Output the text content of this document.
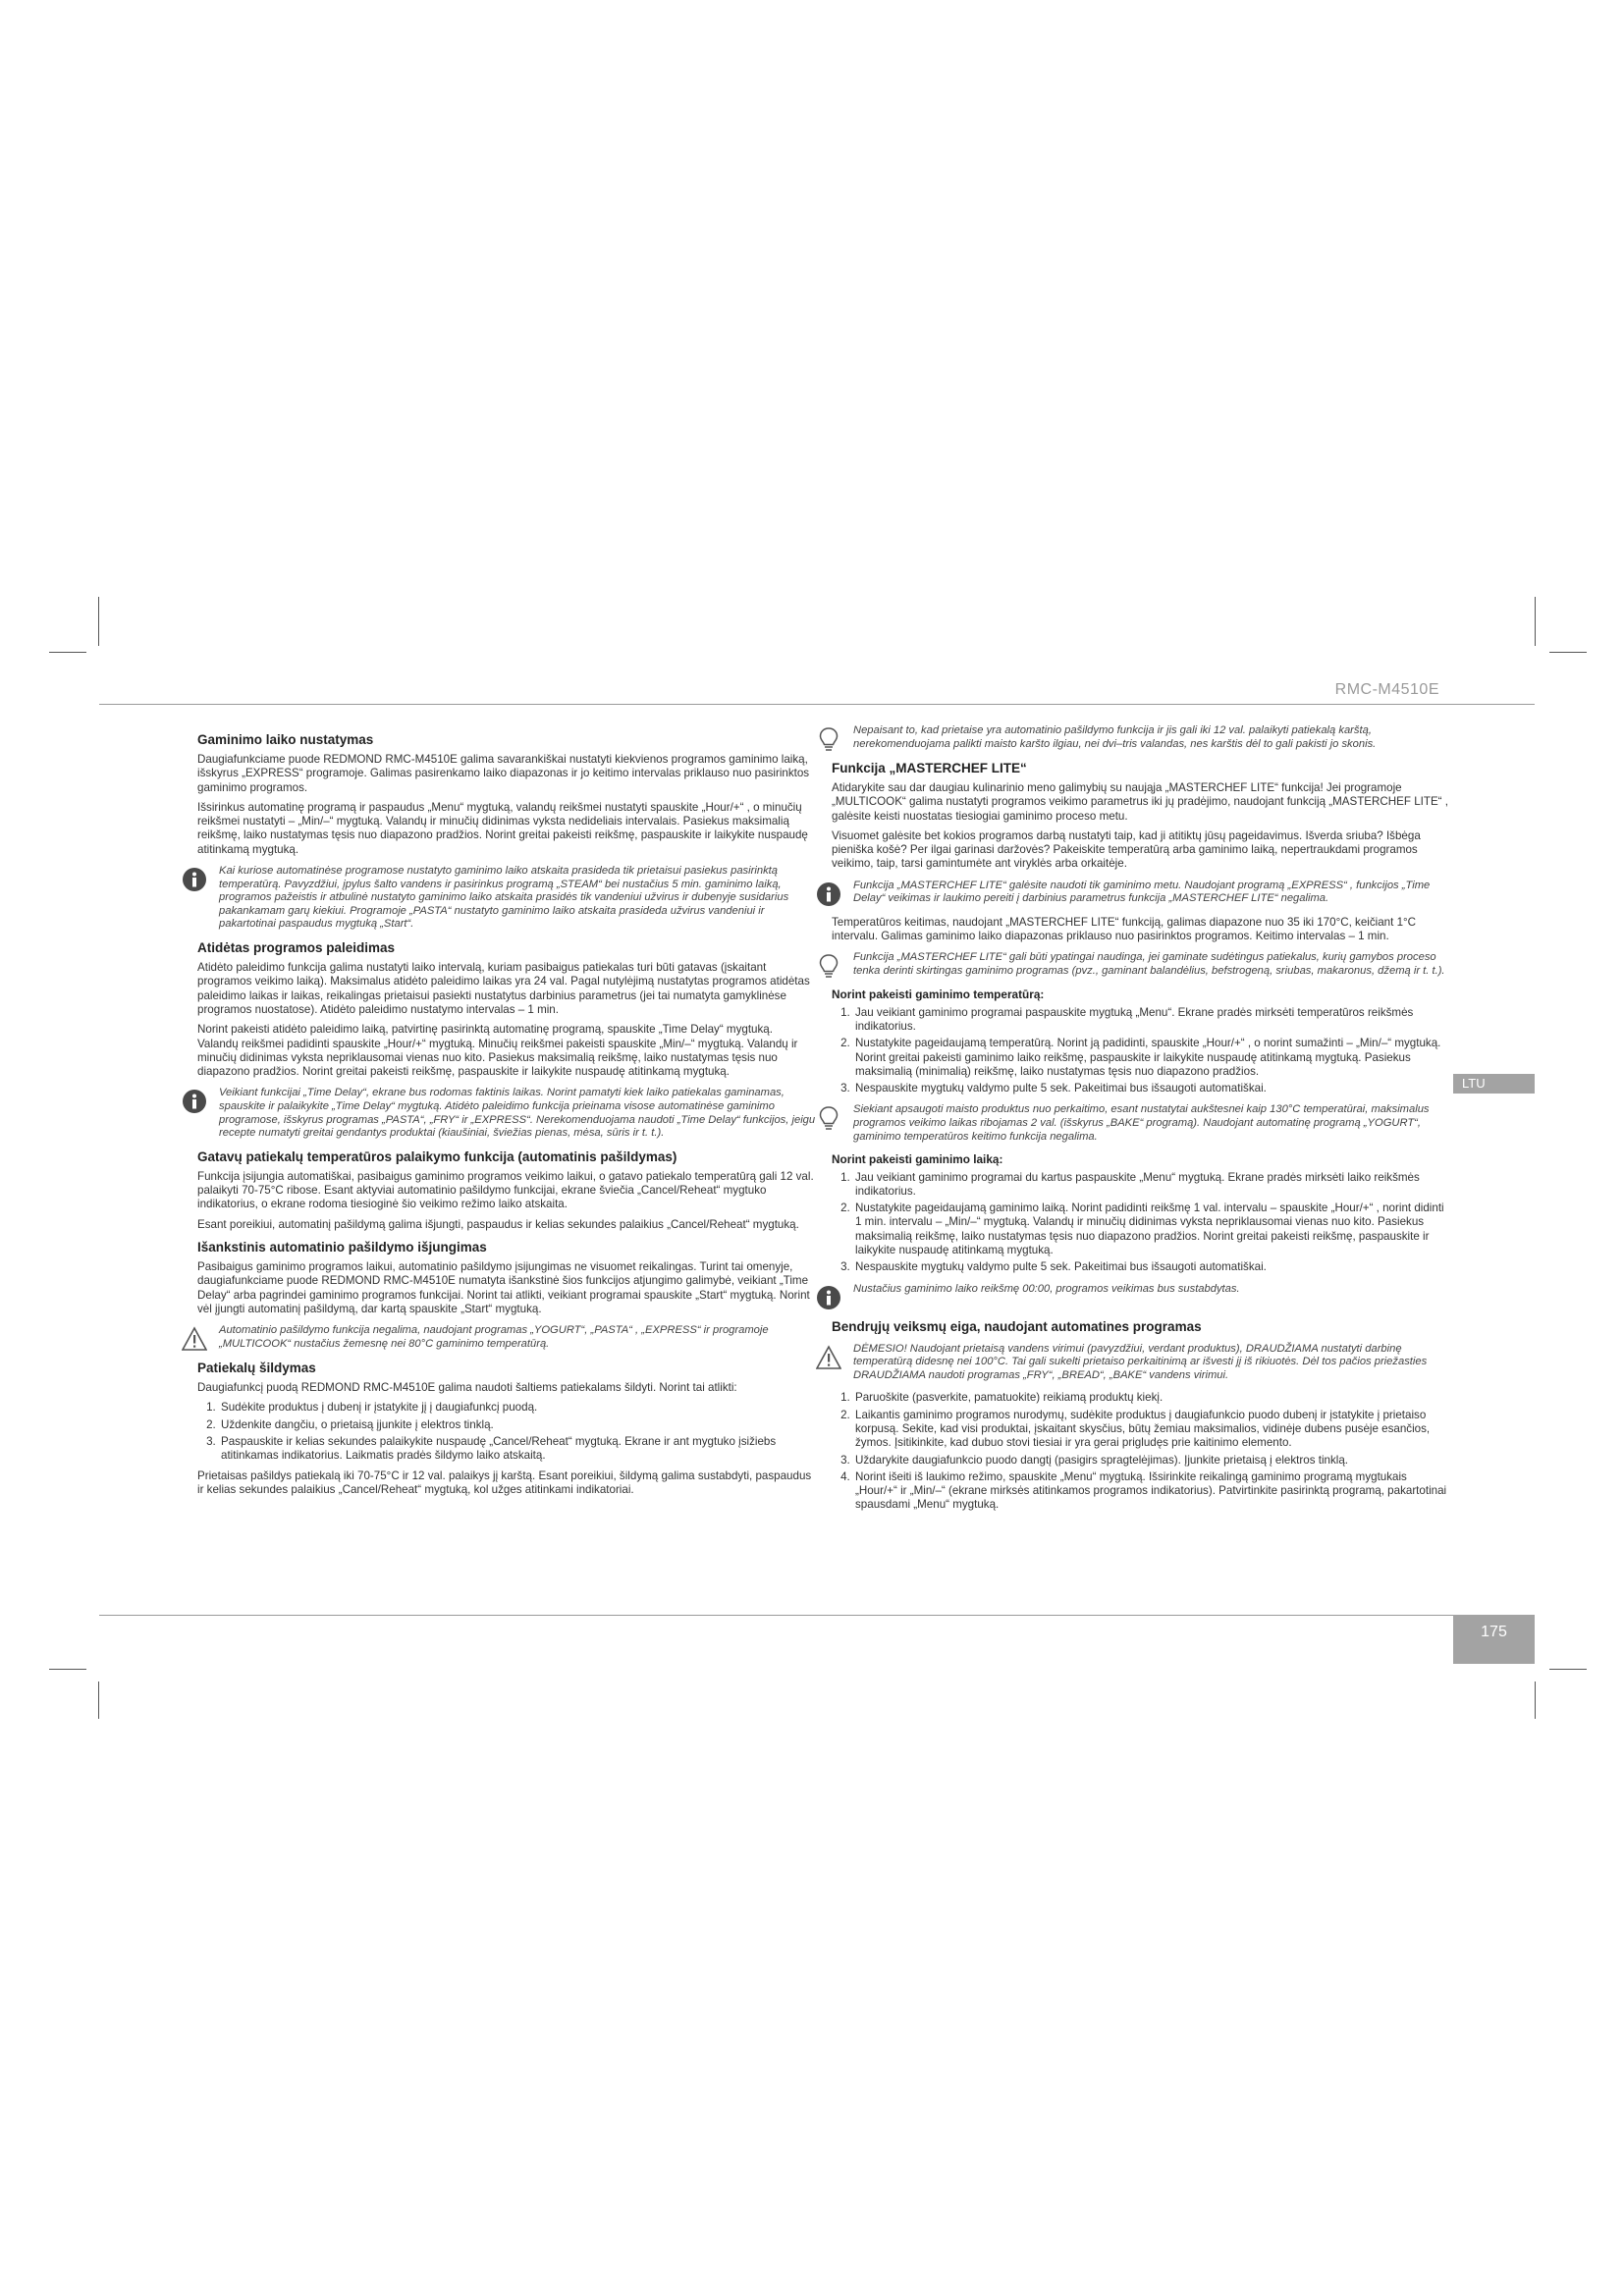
RMC-M4510E
LTU
175
Gaminimo laiko nustatymas

Daugiafunkciame puode REDMOND RMC-M4510E galima savarankiškai nustatyti kiekvienos programos gaminimo laiką, išskyrus „EXPRESS“ programoje. Galimas pasirenkamo laiko diapazonas ir jo keitimo intervalas priklauso nuo pasirinktos gaminimo programos.

Išsirinkus automatinę programą ir paspaudus „Menu“ mygtuką, valandų reikšmei nustatyti spauskite „Hour/+“ , o minučių reikšmei nustatyti – „Min/–“ mygtuką. Valandų ir minučių didinimas vyksta nedideliais intervalais. Pasiekus maksimalią reikšmę, laiko nustatymas tęsis nuo diapazono pradžios. Norint greitai pakeisti reikšmę, paspauskite ir laikykite nuspaudę atitinkamą mygtuką.

Kai kuriose automatinėse programose nustatyto gaminimo laiko atskaita prasideda tik prietaisui pasiekus pasirinktą temperatūrą. Pavyzdžiui, įpylus šalto vandens ir pasirinkus programą „STEAM“ bei nustačius 5 min. gaminimo laiką, programos pažeistis ir atbulinė nustatyto gaminimo laiko atskaita prasidės tik vandeniui užvirus ir dubenyje susidarius pakankamam garų kiekiui. Programoje „PASTA“ nustatyto gaminimo laiko atskaita prasideda užvirus vandeniui ir pakartotinai paspaudus mygtuką „Start“.
Atidėtas programos paleidimas

Atidėto paleidimo funkcija galima nustatyti laiko intervalą, kuriam pasibaigus patiekalas turi būti gatavas (įskaitant programos veikimo laiką). Maksimalus atidėto paleidimo laikas yra 24 val. Pagal nutylėjimą nustatytas programos atidėtas paleidimo laikas ir laikas, reikalingas prietaisui pasiekti nustatytus darbinius parametrus (jei tai numatyta gamyklinėse programos nuostatose). Atidėto paleidimo nustatymo intervalas – 1 min.

Norint pakeisti atidėto paleidimo laiką, patvirtinę pasirinktą automatinę programą, spauskite „Time Delay“ mygtuką. Valandų reikšmei padidinti spauskite „Hour/+“ mygtuką. Minučių reikšmei pakeisti spauskite „Min/–“ mygtuką. Valandų ir minučių didinimas vyksta nepriklausomai vienas nuo kito. Pasiekus maksimalią reikšmę, laiko nustatymas tęsis nuo diapazono pradžios. Norint greitai pakeisti reikšmę, paspauskite ir laikykite nuspaudę atitinkamą mygtuką.

Veikiant funkcijai „Time Delay“, ekrane bus rodomas faktinis laikas. Norint pamatyti kiek laiko patiekalas gaminamas, spauskite ir palaikykite „Time Delay“ mygtuką. Atidėto paleidimo funkcija prieinama visose automatinėse gaminimo programose, išskyrus programas „PASTA“, „FRY“ ir „EXPRESS“. Nerekomenduojama naudoti „Time Delay“ funkcijos, jeigu recepte numatyti greitai gendantys produktai (kiaušiniai, šviežias pienas, mėsa, sūris ir t. t.).
Gatavų patiekalų temperatūros palaikymo funkcija (automatinis pašildymas)

Funkcija įsijungia automatiškai, pasibaigus gaminimo programos veikimo laikui, o gatavo patiekalo temperatūrą gali 12 val. palaikyti 70-75°C ribose. Esant aktyviai automatinio pašildymo funkcijai, ekrane šviečia „Cancel/Reheat“ mygtuko indikatorius, o ekrane rodoma tiesioginė šio veikimo režimo laiko atskaita.

Esant poreikiui, automatinį pašildymą galima išjungti, paspaudus ir kelias sekundes palaikius „Cancel/Reheat“ mygtuką.

Išankstinis automatinio pašildymo išjungimas

Pasibaigus gaminimo programos laikui, automatinio pašildymo įsijungimas ne visuomet reikalingas. Turint tai omenyje, daugiafunkciame puode REDMOND RMC-M4510E numatyta išankstinė šios funkcijos atjungimo galimybė, veikiant „Time Delay“ arba pagrindei gaminimo programos funkcijai. Norint tai atlikti, veikiant programai spauskite „Start“ mygtuką. Norint vėl įjungti automatinį pašildymą, dar kartą spauskite „Start“ mygtuką.

Automatinio pašildymo funkcija negalima, naudojant programas „YOGURT“, „PASTA“ , „EXPRESS“ ir programoje „MULTICOOK“ nustačius žemesnę nei 80°C gaminimo temperatūrą.
Patiekalų šildymas

Daugiafunkcį puodą REDMOND RMC-M4510E galima naudoti šaltiems patiekalams šildyti. Norint tai atlikti:

1. Sudėkite produktus į dubenį ir įstatykite jį į daugiafunkcį puodą.
2. Uždenkite dangčiu, o prietaisą įjunkite į elektros tinklą.
3. Paspauskite ir kelias sekundes palaikykite nuspaudę „Cancel/Reheat“ mygtuką. Ekrane ir ant mygtuko įsižiebs atitinkamas indikatorius. Laikmatis pradės šildymo laiko atskaitą.

Prietaisas pašildys patiekalą iki 70-75°C ir 12 val. palaikys jį karštą. Esant poreikiui, šildymą galima sustabdyti, paspaudus ir kelias sekundes palaikius „Cancel/Reheat“ mygtuką, kol užges atitinkami indikatoriai.

Nepaisant to, kad prietaise yra automatinio pašildymo funkcija ir jis gali iki 12 val. palaikyti patiekalą karštą, nerekomenduojama palikti maisto karšto ilgiau, nei dvi–tris valandas, nes karštis dėl to gali pakisti jo skonis.
Funkcija „MASTERCHEF LITE“

Atidarykite sau dar daugiau kulinarinio meno galimybių su naująja „MASTERCHEF LITE“ funkcija! Jei programoje „MULTICOOK“ galima nustatyti programos veikimo parametrus iki jų pradėjimo, naudojant funkciją „MASTERCHEF LITE“ , galėsite keisti nuostatas tiesiogiai gaminimo proceso metu.

Visuomet galėsite bet kokios programos darbą nustatyti taip, kad ji atitiktų jūsų pageidavimus. Išverda sriuba? Išbėga pieniška košė? Per ilgai garinasi daržovės? Pakeiskite temperatūrą arba gaminimo laiką, nepertraukdami programos veikimo, taip, tarsi gamintumėte ant viryklės arba orkaitėje.

Funkcija „MASTERCHEF LITE“ galėsite naudoti tik gaminimo metu. Naudojant programą „EXPRESS“ , funkcijos „Time Delay“ veikimas ir laukimo pereiti į darbinius parametrus funkcija „MASTERCHEF LITE“ negalima.

Temperatūros keitimas, naudojant „MASTERCHEF LITE“ funkciją, galimas diapazone nuo 35 iki 170°C, keičiant 1°C intervalu. Galimas gaminimo laiko diapazonas priklauso nuo pasirinktos programos. Keitimo intervalas – 1 min.

Funkcija „MASTERCHEF LITE“ gali būti ypatingai naudinga, jei gaminate sudėtingus patiekalus, kurių gamybos proceso tenka derinti skirtingas gaminimo programas (pvz., gaminant balandėlius, befstrogeną, sriubas, makaronus, džemą ir t. t.).
Norint pakeisti gaminimo temperatūrą:
1. Jau veikiant gaminimo programai paspauskite mygtuką „Menu“. Ekrane pradės mirksėti temperatūros reikšmės indikatorius.
2. Nustatykite pageidaujamą temperatūrą. Norint ją padidinti, spauskite „Hour/+“ , o norint sumažinti – „Min/–“ mygtuką. Norint greitai pakeisti gaminimo laiko reikšmę, paspauskite ir laikykite nuspaudę atitinkamą mygtuką. Pasiekus maksimalią (minimalią) reikšmę, laiko nustatymas tęsis nuo diapazono pradžios.
3. Nespauskite mygtukų valdymo pulte 5 sek. Pakeitimai bus išsaugoti automatiškai.
Siekiant apsaugoti maisto produktus nuo perkaitimo, esant nustatytai aukštesnei kaip 130°C temperatūrai, maksimalus programos veikimo laikas ribojamas 2 val. (išskyrus „BAKE“ programą). Naudojant automatinę programą „YOGURT“, gaminimo temperatūros keitimo funkcija negalima.
Norint pakeisti gaminimo laiką:
1. Jau veikiant gaminimo programai du kartus paspauskite „Menu“ mygtuką. Ekrane pradės mirksėti laiko reikšmės indikatorius.
2. Nustatykite pageidaujamą gaminimo laiką. Norint padidinti reikšmę 1 val. intervalu – spauskite „Hour/+“ , norint didinti 1 min. intervalu – „Min/–“ mygtuką. Valandų ir minučių didinimas vyksta nepriklausomai vienas nuo kito. Pasiekus maksimalią reikšmę, laiko nustatymas tęsis nuo diapazono pradžios. Norint greitai pakeisti reikšmę, paspauskite ir laikykite nuspaudę atitinkamą mygtuką.
3. Nespauskite mygtukų valdymo pulte 5 sek. Pakeitimai bus išsaugoti automatiškai.
Nustačius gaminimo laiko reikšmę 00:00, programos veikimas bus sustabdytas.
Bendrųjų veiksmų eiga, naudojant automatines programas
DĖMESIO! Naudojant prietaisą vandens virimui (pavyzdžiui, verdant produktus), DRAUDŽIAMA nustatyti darbinę temperatūrą didesnę nei 100°C. Tai gali sukelti prietaiso perkaitinimą ar išvesti jį iš rikiuotės. Dėl tos pačios priežasties DRAUDŽIAMA naudoti programas „FRY“, „BREAD“, „BAKE“ vandens virimui.
1. Paruoškite (pasverkite, pamatuokite) reikiamą produktų kiekį.
2. Laikantis gaminimo programos nurodymų, sudėkite produktus į daugiafunkcio puodo dubenį ir įstatykite į prietaiso korpusą. Sekite, kad visi produktai, įskaitant skysčius, būtų žemiau maksimalios, vidinėje dubens pusėje esančios, žymos. Įsitikinkite, kad dubuo stovi tiesiai ir yra gerai prigludęs prie kaitinimo elemento.
3. Uždarykite daugiafunkcio puodo dangtį (pasigirs spragtelėjimas). Įjunkite prietaisą į elektros tinklą.
4. Norint išeiti iš laukimo režimo, spauskite „Menu“ mygtuką. Išsirinkite reikalingą gaminimo programą mygtukais „Hour/+“ ir „Min/–“ (ekrane mirksės atitinkamos programos indikatorius). Patvirtinkite pasirinktą programą, pakartotinai spausdami „Menu“ mygtuką.
